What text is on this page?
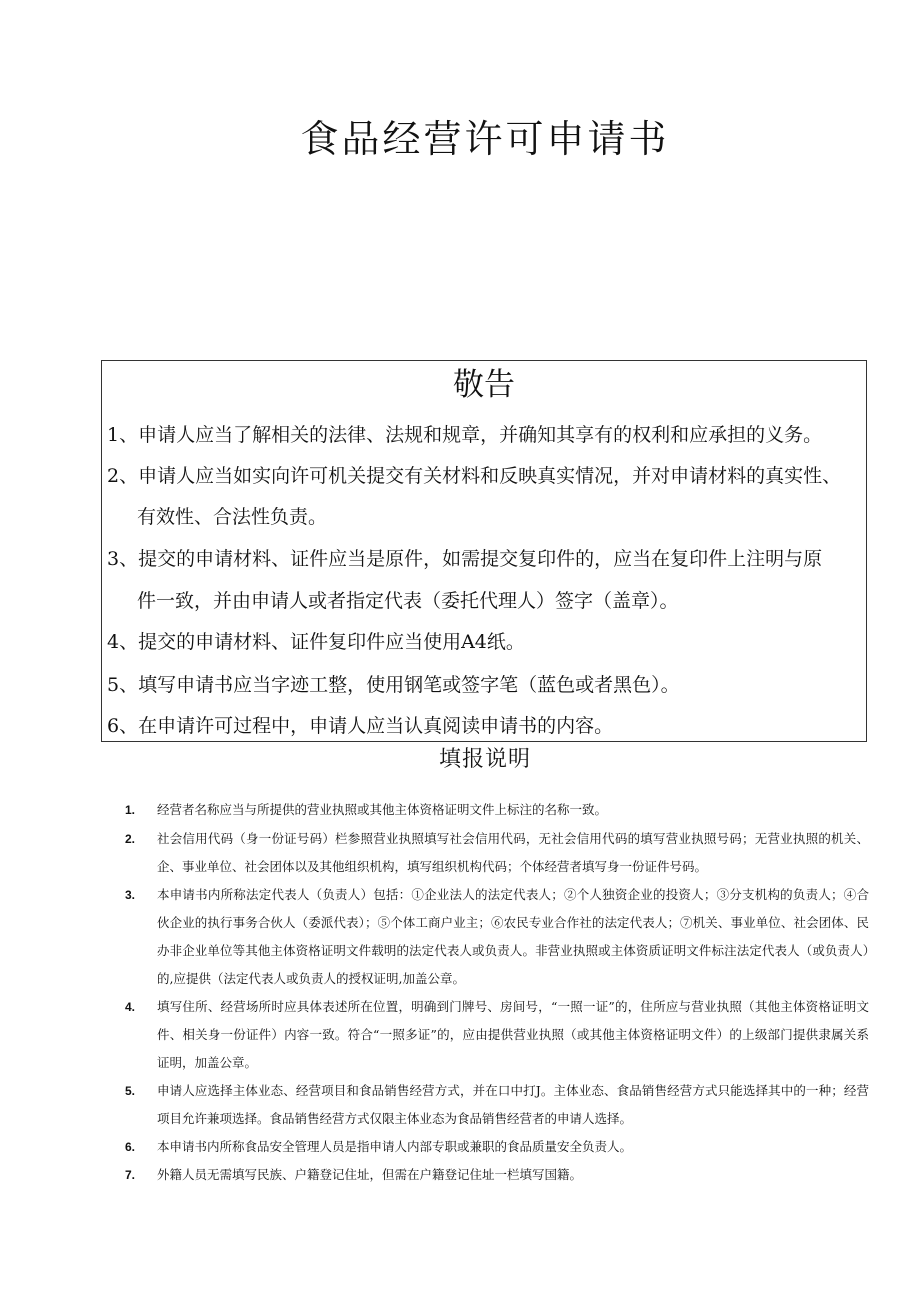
食品经营许可申请书
敬告

1、申请人应当了解相关的法律、法规和规章，并确知其享有的权利和应承担的义务。

2、申请人应当如实向许可机关提交有关材料和反映真实情况，并对申请材料的真实性、

有效性、合法性负责。

3、提交的申请材料、证件应当是原件，如需提交复印件的，应当在复印件上注明与原

件一致，并由申请人或者指定代表（委托代理人）签字（盖章）。

4、提交的申请材料、证件复印件应当使用A4纸。

5、填写申请书应当字迹工整，使用钢笔或签字笔（蓝色或者黑色）。

6、在申请许可过程中，申请人应当认真阅读申请书的内容。

填报说明
1. 经营者名称应当与所提供的营业执照或其他主体资格证明文件上标注的名称一致。

2. 社会信用代码（身一份证号码）栏参照营业执照填写社会信用代码，无社会信用代码的填写营业执照号码；无营业执照的机关、企、事业单位、社会团体以及其他组织机构，填写组织机构代码；个体经营者填写身一份证件号码。

3. 本申请书内所称法定代表人（负责人）包括：①企业法人的法定代表人；②个人独资企业的投资人；③分支机构的负责人；④合伙企业的执行事务合伙人（委派代表）；⑤个体工商户业主；⑥农民专业合作社的法定代表人；⑦机关、事业单位、社会团体、民办非企业单位等其他主体资格证明文件载明的法定代表人或负责人。非营业执照或主体资质证明文件标注法定代表人（或负责人）的,应提供（法定代表人或负责人的授权证明,加盖公章。

4. 填写住所、经营场所时应具体表述所在位置，明确到门牌号、房间号，“一照一证”的，住所应与营业执照（其他主体资格证明文件、相关身一份证件）内容一致。符合“一照多证”的，应由提供营业执照（或其他主体资格证明文件）的上级部门提供隶属关系证明，加盖公章。

5. 申请人应选择主体业态、经营项目和食品销售经营方式，并在口中打J。主体业态、食品销售经营方式只能选择其中的一种；经营项目允许兼项选择。食品销售经营方式仅限主体业态为食品销售经营者的申请人选择。

6. 本申请书内所称食品安全管理人员是指申请人内部专职或兼职的食品质量安全负责人。

7. 外籍人员无需填写民族、户籍登记住址，但需在户籍登记住址一栏填写国籍。
